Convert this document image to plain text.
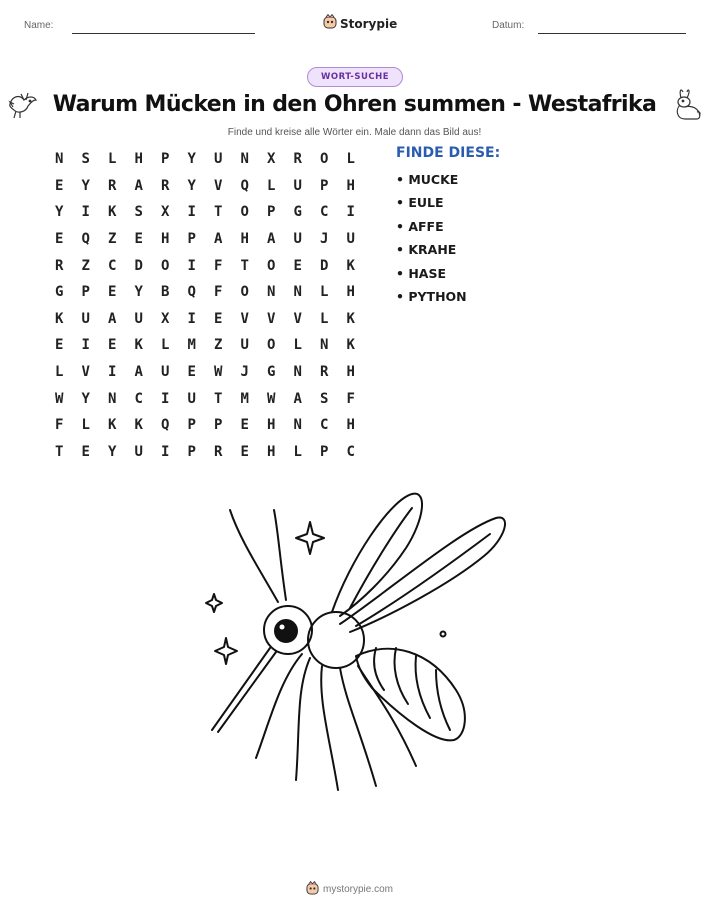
Name:	Storypie	Datum:
WORT-SUCHE
Warum Mücken in den Ohren summen - Westafrika
Finde und kreise alle Wörter ein. Male dann das Bild aus!
N	S	L	H	P	Y	U	N	X	R	O	L
E	Y	R	A	R	Y	V	Q	L	U	P	H
Y	I	K	S	X	I	T	O	P	G	C	I
E	Q	Z	E	H	P	A	H	A	U	J	U
R	Z	C	D	O	I	F	T	O	E	D	K
G	P	E	Y	B	Q	F	O	N	N	L	H
K	U	A	U	X	I	E	V	V	V	L	K
E	I	E	K	L	M	Z	U	O	L	N	K
L	V	I	A	U	E	W	J	G	N	R	H
W	Y	N	C	I	U	T	M	W	A	S	F
F	L	K	K	Q	P	P	E	H	N	C	H
T	E	Y	U	I	P	R	E	H	L	P	C
FINDE DIESE:
• MUCKE
• EULE
• AFFE
• KRAHE
• HASE
• PYTHON
mystorypie.com
